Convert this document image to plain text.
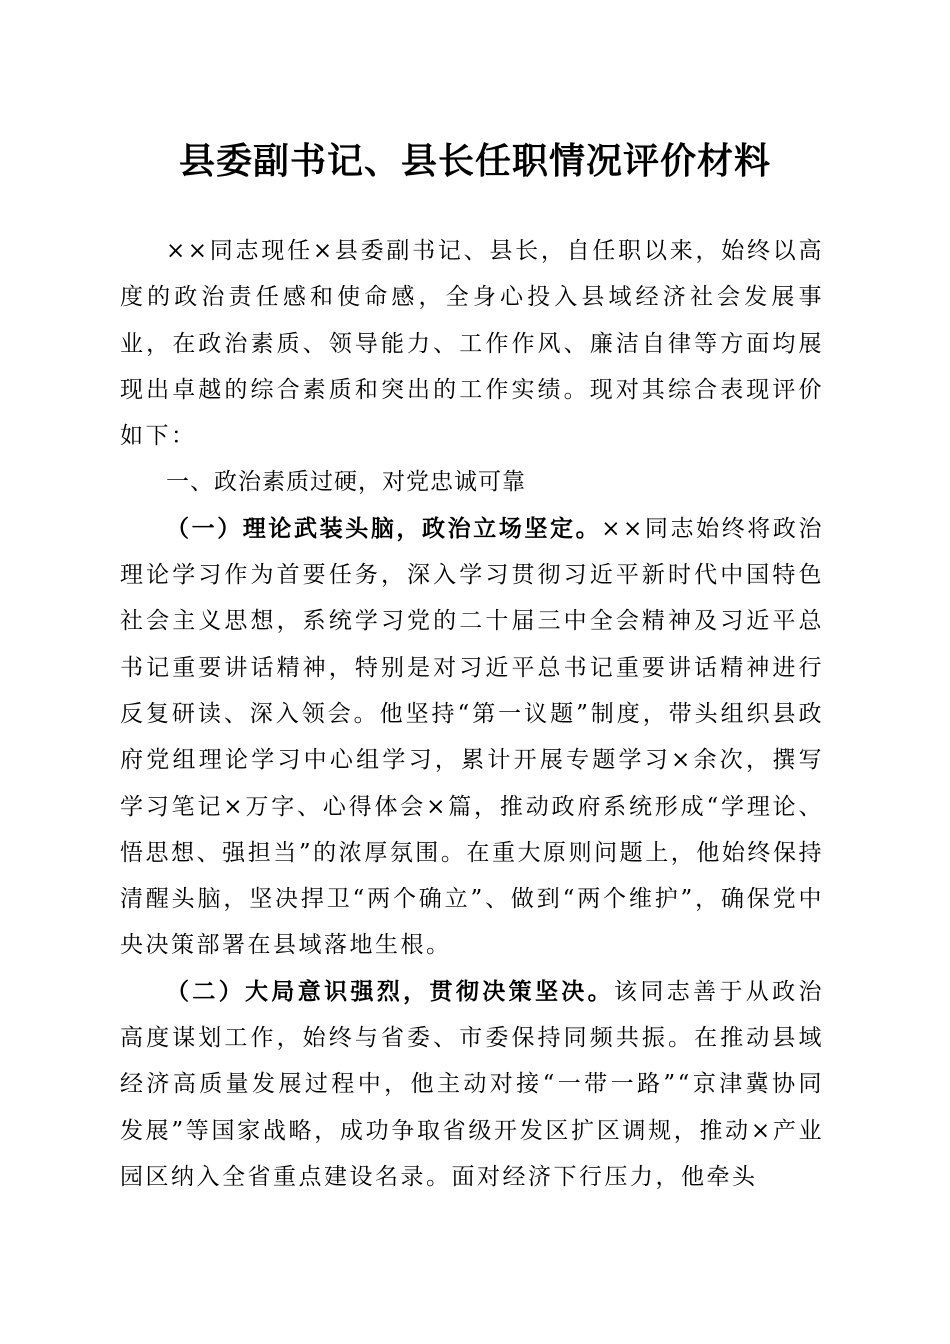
县委副书记、县长任职情况评价材料

××同志现任×县委副书记、县长，自任职以来，始终以高度的政治责任感和使命感，全身心投入县域经济社会发展事业，在政治素质、领导能力、工作作风、廉洁自律等方面均展现出卓越的综合素质和突出的工作实绩。现对其综合表现评价如下：

一、政治素质过硬，对党忠诚可靠

（一）理论武装头脑，政治立场坚定。××同志始终将政治理论学习作为首要任务，深入学习贯彻习近平新时代中国特色社会主义思想，系统学习党的二十届三中全会精神及习近平总书记重要讲话精神，特别是对习近平总书记重要讲话精神进行反复研读、深入领会。他坚持“第一议题”制度，带头组织县政府党组理论学习中心组学习，累计开展专题学习×余次，撰写学习笔记×万字、心得体会×篇，推动政府系统形成“学理论、悟思想、强担当”的浓厚氛围。在重大原则问题上，他始终保持清醒头脑，坚决捍卫“两个确立”、做到“两个维护”，确保党中央决策部署在县域落地生根。

（二）大局意识强烈，贯彻决策坚决。该同志善于从政治高度谋划工作，始终与省委、市委保持同频共振。在推动县域经济高质量发展过程中，他主动对接“一带一路”“京津冀协同发展”等国家战略，成功争取省级开发区扩区调规，推动×产业园区纳入全省重点建设名录。面对经济下行压力，他牵头
